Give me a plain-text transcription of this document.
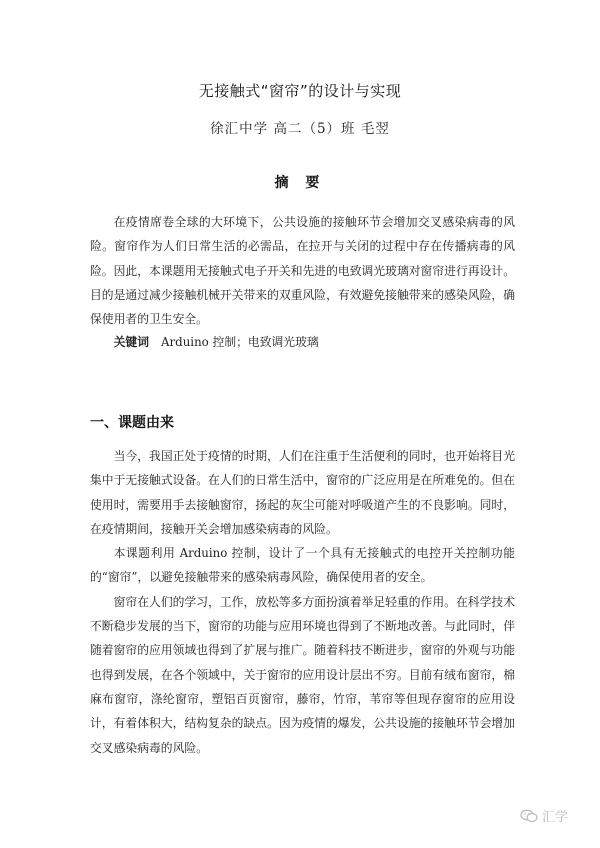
无接触式“窗帘”的设计与实现
徐汇中学 高二（5）班 毛翌
摘 要

在疫情席卷全球的大环境下，公共设施的接触环节会增加交叉感染病毒的风险。窗帘作为人们日常生活的必需品，在拉开与关闭的过程中存在传播病毒的风险。因此，本课题用无接触式电子开关和先进的电致调光玻璃对窗帘进行再设计。目的是通过减少接触机械开关带来的双重风险，有效避免接触带来的感染风险，确保使用者的卫生安全。

关键词 Arduino 控制；电致调光玻璃

一、课题由来

当今，我国正处于疫情的时期，人们在注重于生活便利的同时，也开始将目光集中于无接触式设备。在人们的日常生活中，窗帘的广泛应用是在所难免的。但在使用时，需要用手去接触窗帘，扬起的灰尘可能对呼吸道产生的不良影响。同时，在疫情期间，接触开关会增加感染病毒的风险。

本课题利用 Arduino 控制，设计了一个具有无接触式的电控开关控制功能的“窗帘”，以避免接触带来的感染病毒风险，确保使用者的安全。

窗帘在人们的学习，工作，放松等多方面扮演着举足轻重的作用。在科学技术不断稳步发展的当下，窗帘的功能与应用环境也得到了不断地改善。与此同时，伴随着窗帘的应用领域也得到了扩展与推广。随着科技不断进步，窗帘的外观与功能也得到发展，在各个领域中，关于窗帘的应用设计层出不穷。目前有绒布窗帘，棉麻布窗帘，涤纶窗帘，塑铝百页窗帘，藤帘，竹帘，苇帘等但现存窗帘的应用设计，有着体积大，结构复杂的缺点。因为疫情的爆发，公共设施的接触环节会增加交叉感染病毒的风险。

汇学
